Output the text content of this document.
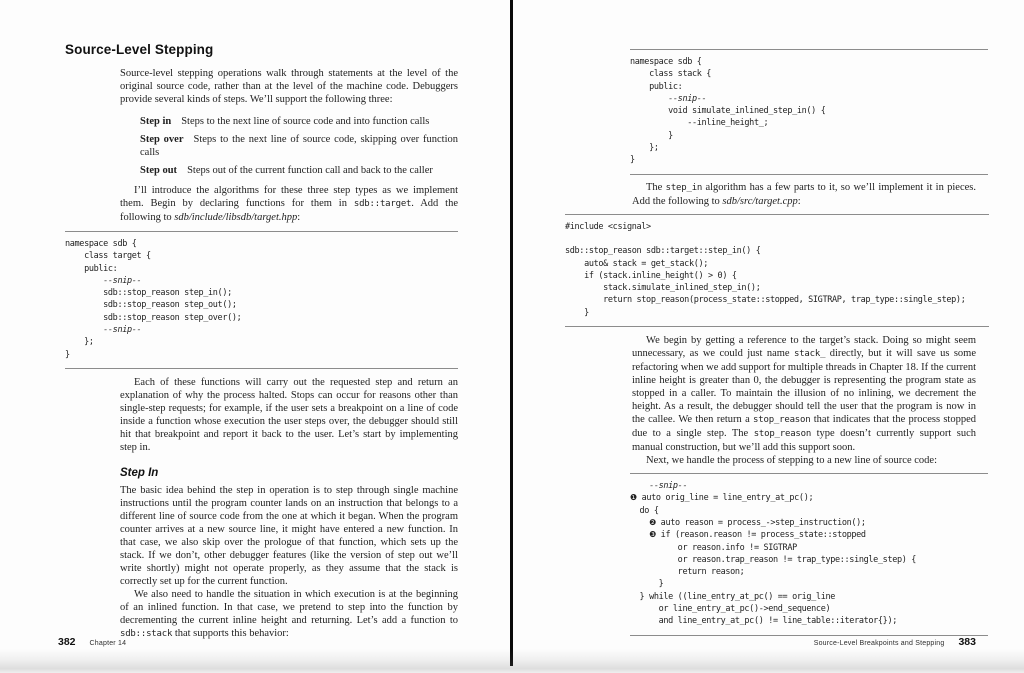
Source-Level Stepping

Source-level stepping operations walk through statements at the level of the original source code, rather than at the level of the machine code. Debuggers provide several kinds of steps. We’ll support the following three:

Step in Steps to the next line of source code and into function calls
Step over Steps to the next line of source code, skipping over function calls
Step out Steps out of the current function call and back to the caller

I’ll introduce the algorithms for these three step types as we implement them. Begin by declaring functions for them in sdb::target. Add the following to sdb/include/libsdb/target.hpp:

namespace sdb {
class target {
public:
--snip--
sdb::stop_reason step_in();
sdb::stop_reason step_out();
sdb::stop_reason step_over();
--snip--
};
}

Each of these functions will carry out the requested step and return an explanation of why the process halted. Stops can occur for reasons other than single-step requests; for example, if the user sets a breakpoint on a line of code inside a function whose execution the user steps over, the debugger should still hit that breakpoint and report it back to the user. Let’s start by implementing step in.

Step In

The basic idea behind the step in operation is to step through single machine instructions until the program counter lands on an instruction that belongs to a different line of source code from the one at which it began. When the program counter arrives at a new source line, it might have entered a new function. In that case, we also skip over the prologue of that function, which sets up the stack. If we don’t, other debugger features (like the version of step out we’ll write shortly) might not operate properly, as they assume that the stack is correctly set up for the current function.

We also need to handle the situation in which execution is at the beginning of an inlined function. In that case, we pretend to step into the function by decrementing the current inline height and returning. Let’s add a function to sdb::stack that supports this behavior:

382 Chapter 14
namespace sdb {
class stack {
public:
--snip--
void simulate_inlined_step_in() {
--inline_height_;
}
};
}

The step_in algorithm has a few parts to it, so we’ll implement it in pieces. Add the following to sdb/src/target.cpp:

#include <csignal>
sdb::stop_reason sdb::target::step_in() {
auto& stack = get_stack();
if (stack.inline_height() > 0) {
stack.simulate_inlined_step_in();
return stop_reason(process_state::stopped, SIGTRAP, trap_type::single_step);
}

We begin by getting a reference to the target’s stack. Doing so might seem unnecessary, as we could just name stack_ directly, but it will save us some refactoring when we add support for multiple threads in Chapter 18. If the current inline height is greater than 0, the debugger is representing the program state as stopped in a caller. To maintain the illusion of no inlining, we decrement the height. As a result, the debugger should tell the user that the program is now in the callee. We then return a stop_reason that indicates that the process stopped due to a single step. The stop_reason type doesn’t currently support such manual construction, but we’ll add this support soon.

Next, we handle the process of stepping to a new line of source code:

--snip--
❶ auto orig_line = line_entry_at_pc();
do {
❷ auto reason = process_->step_instruction();
❸ if (reason.reason != process_state::stopped
or reason.info != SIGTRAP
or reason.trap_reason != trap_type::single_step) {
return reason;
}
} while ((line_entry_at_pc() == orig_line
or line_entry_at_pc()->end_sequence)
and line_entry_at_pc() != line_table::iterator{});
Source-Level Breakpoints and Stepping 383
